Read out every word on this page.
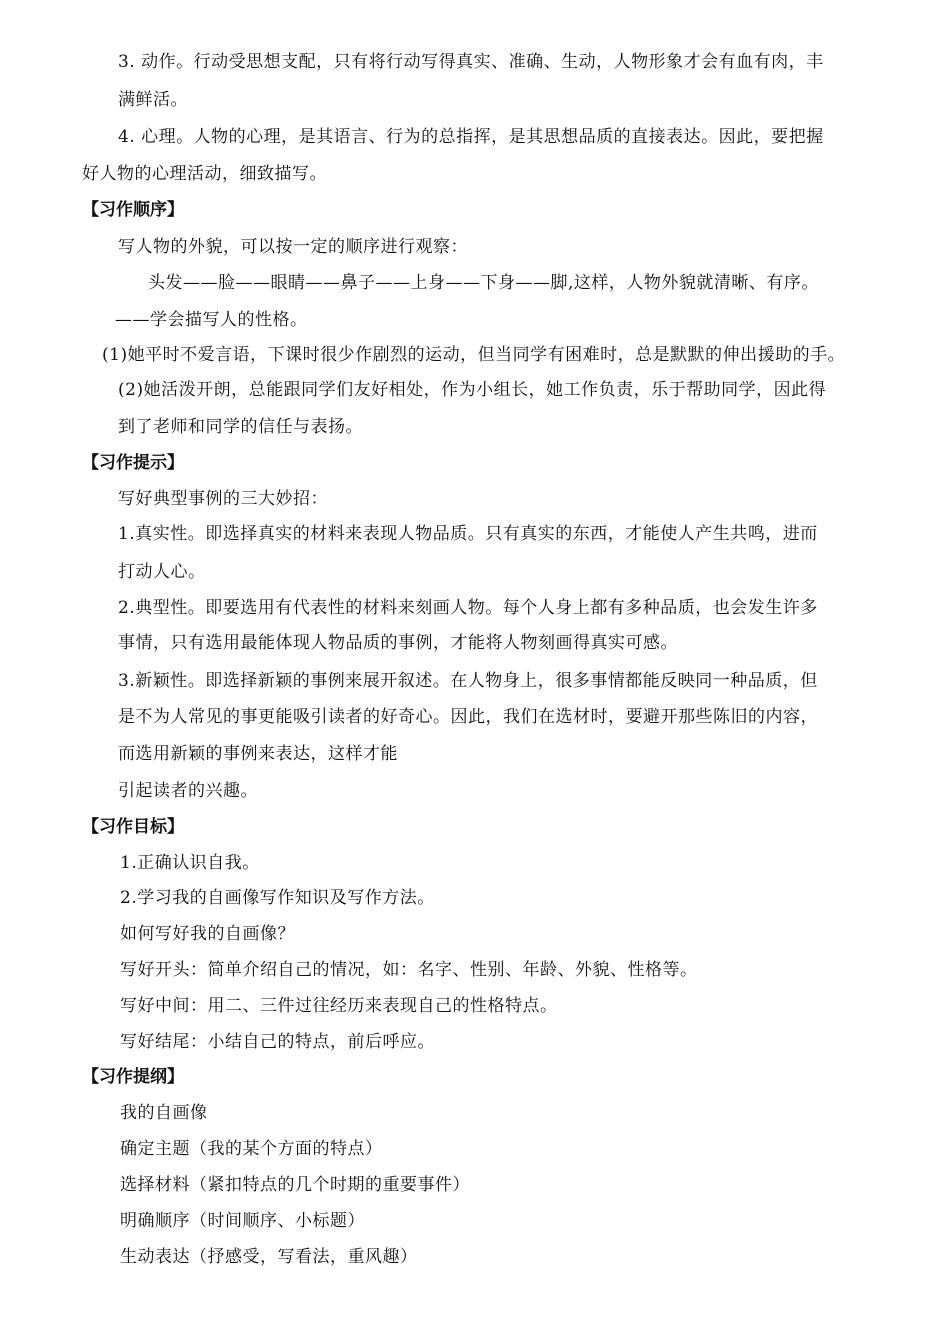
3. 动作。行动受思想支配，只有将行动写得真实、准确、生动，人物形象才会有血有肉，丰
满鲜活。
4. 心理。人物的心理，是其语言、行为的总指挥，是其思想品质的直接表达。因此，要把握
好人物的心理活动，细致描写。
【习作顺序】
写人物的外貌，可以按一定的顺序进行观察：
头发——脸——眼睛——鼻子——上身——下身——脚,这样，人物外貌就清晰、有序。
——学会描写人的性格。
(1)她平时不爱言语，下课时很少作剧烈的运动，但当同学有困难时，总是默默的伸出援助的手。
(2)她活泼开朗，总能跟同学们友好相处，作为小组长，她工作负责，乐于帮助同学，因此得
到了老师和同学的信任与表扬。
【习作提示】
写好典型事例的三大妙招：
1.真实性。即选择真实的材料来表现人物品质。只有真实的东西，才能使人产生共鸣，进而
打动人心。
2.典型性。即要选用有代表性的材料来刻画人物。每个人身上都有多种品质，也会发生许多
事情，只有选用最能体现人物品质的事例，才能将人物刻画得真实可感。
3.新颖性。即选择新颖的事例来展开叙述。在人物身上，很多事情都能反映同一种品质，但
是不为人常见的事更能吸引读者的好奇心。因此，我们在选材时，要避开那些陈旧的内容，
而选用新颖的事例来表达，这样才能
引起读者的兴趣。
【习作目标】
1.正确认识自我。
2.学习我的自画像写作知识及写作方法。
如何写好我的自画像？
写好开头：简单介绍自己的情况，如：名字、性别、年龄、外貌、性格等。
写好中间：用二、三件过往经历来表现自己的性格特点。
写好结尾：小结自己的特点，前后呼应。
【习作提纲】
我的自画像
确定主题（我的某个方面的特点）
选择材料（紧扣特点的几个时期的重要事件）
明确顺序（时间顺序、小标题）
生动表达（抒感受，写看法，重风趣）
